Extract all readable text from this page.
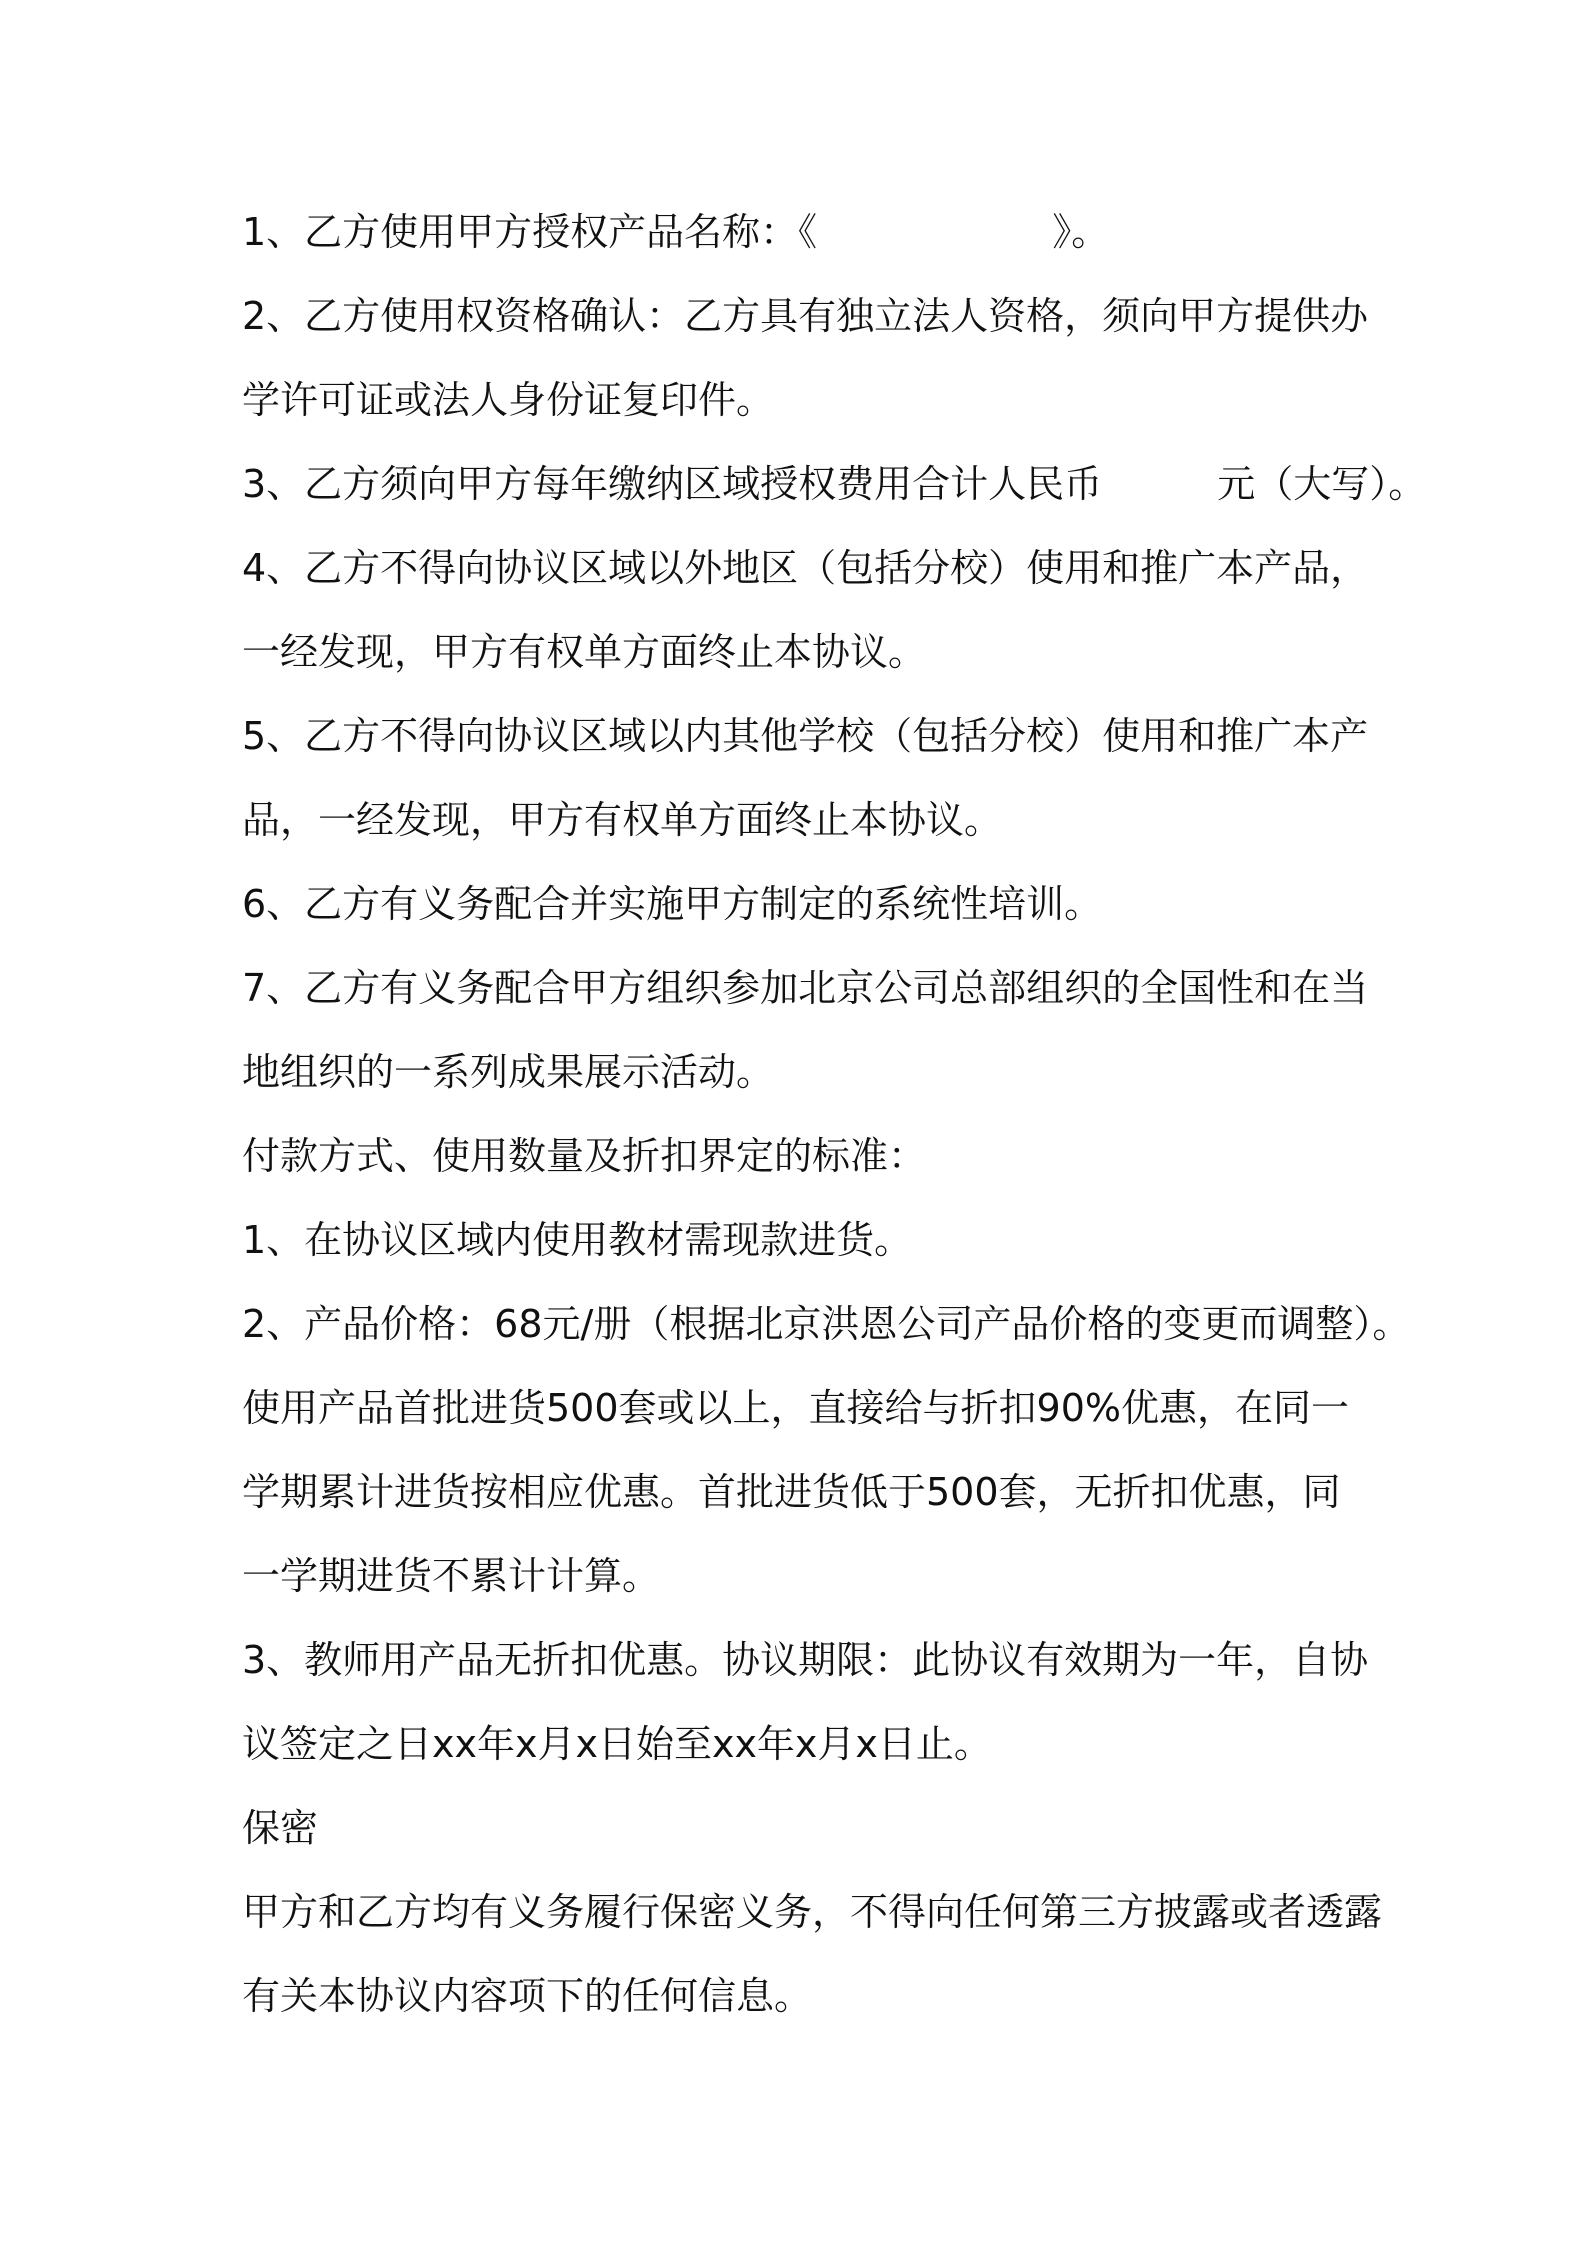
1、乙方使用甲方授权产品名称：《	》。
2、乙方使用权资格确认：乙方具有独立法人资格，须向甲方提供办
学许可证或法人身份证复印件。
3、乙方须向甲方每年缴纳区域授权费用合计人民币	元（大写）。
4、乙方不得向协议区域以外地区（包括分校）使用和推广本产品，
一经发现，甲方有权单方面终止本协议。
5、乙方不得向协议区域以内其他学校（包括分校）使用和推广本产
品，一经发现，甲方有权单方面终止本协议。
6、乙方有义务配合并实施甲方制定的系统性培训。
7、乙方有义务配合甲方组织参加北京公司总部组织的全国性和在当
地组织的一系列成果展示活动。
付款方式、使用数量及折扣界定的标准：
1、在协议区域内使用教材需现款进货。
2、产品价格：68元/册（根据北京洪恩公司产品价格的变更而调整）。
使用产品首批进货500套或以上，直接给与折扣90%优惠，在同一
学期累计进货按相应优惠。首批进货低于500套，无折扣优惠，同
一学期进货不累计计算。
3、教师用产品无折扣优惠。协议期限：此协议有效期为一年，自协
议签定之日xx年x月x日始至xx年x月x日止。
保密
甲方和乙方均有义务履行保密义务，不得向任何第三方披露或者透露
有关本协议内容项下的任何信息。
